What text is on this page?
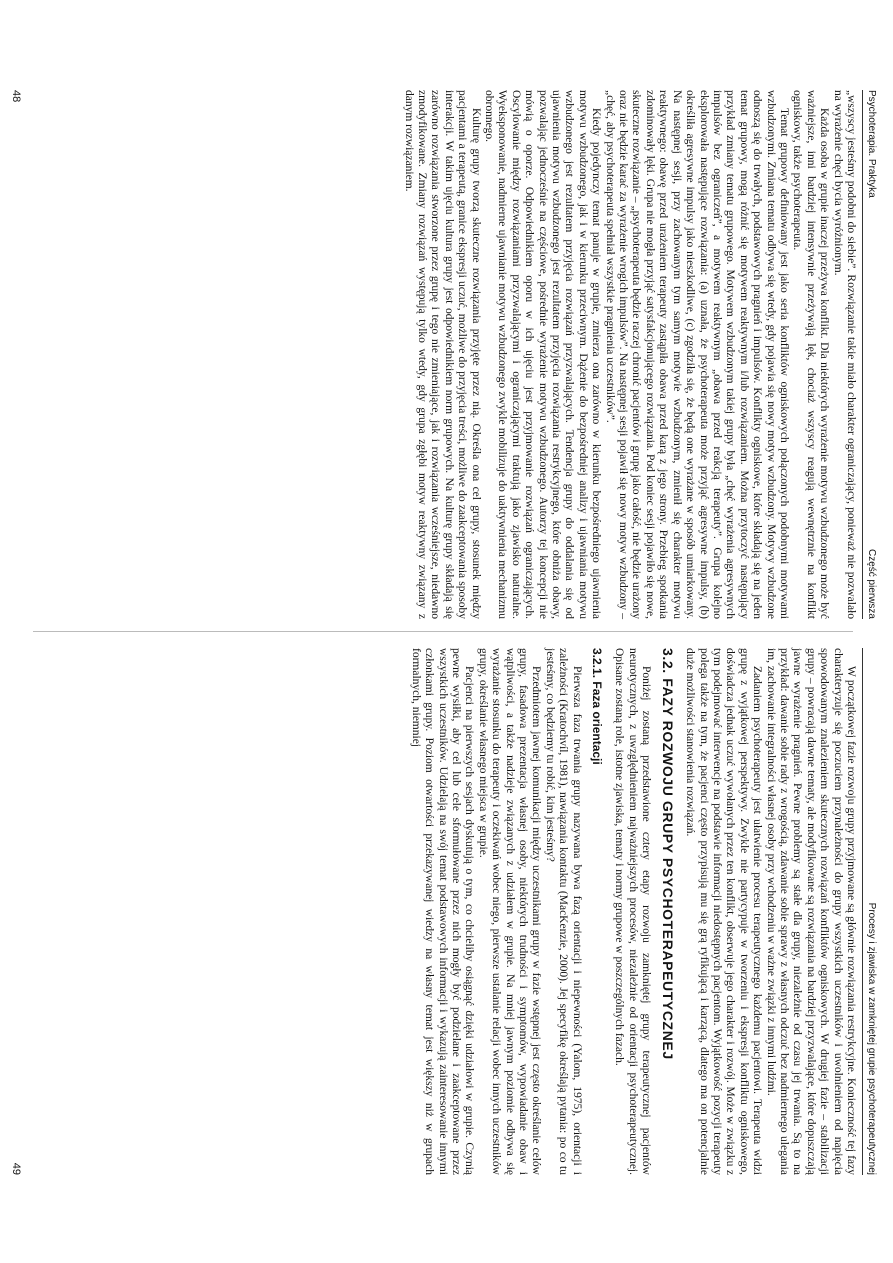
Psychoterapia. Praktyka
Część pierwsza

„wszyscy jesteśmy podobni do siebie”. Rozwiązanie takie miało charakter ograniczający, ponieważ nie pozwalało na wyrażenie chęci bycia wyróżnionym.

Każda osoba w grupie inaczej przeżywa konflikt. Dla niektórych wyrażenie motywu wzbudzonego może być ważniejsze, inni bardziej intensywnie przeżywają lęk, chociaż wszyscy reagują wewnętrznie na konflikt ogniskowy, także psychoterapeuta.

Temat grupowy definiowany jest jako seria konfliktów ogniskowych połączonych podobnymi motywami wzbudzonymi. Zmiana tematu odbywa się wtedy, gdy pojawia się nowy motyw wzbudzony. Motywy wzbudzone odnoszą się do trwałych, podstawowych pragnień i impulsów. Konflikty ogniskowe, które składają się na jeden temat grupowy, mogą różnić się motywem reaktywnym i/lub rozwiązaniem. Można przytoczyć następujący przykład zmiany tematu grupowego. Motywem wzbudzonym takiej grupy była „chęć wyrażenia agresywnych impulsów bez ograniczeń”, a motywem reaktywnym „obawa przed reakcją terapeuty”. Grupa kolejno eksplorowała następujące rozwiązania: (a) uznała, że psychoterapeuta może przyjąć agresywne impulsy, (b) określiła agresywne impulsy jako nieszkodliwe, (c) zgodziła się, że będą one wyrażane w sposób umiarkowany. Na następnej sesji, przy zachowanym tym samym motywie wzbudzonym, zmienił się charakter motywu reaktywnego: obawę przed urażeniem terapeuty zastąpiła obawa przed karą z jego strony. Przebieg spotkania zdominowały lęki. Grupa nie mogła przyjąć satysfakcjonującego rozwiązania. Pod koniec sesji pojawiło się nowe, skuteczne rozwiązanie – „psychoterapeuta będzie raczej chronić pacjentów i grupę jako całość, nie będzie urażony oraz nie będzie karać za wyrażenie wrogich impulsów”. Na następnej sesji pojawił się nowy motyw wzbudzony – „chęć, aby psychoterapeuta spełniał wszystkie pragnienia uczestników”.

Kiedy pojedynczy temat panuje w grupie, zmierza ona zarówno w kierunku bezpośredniego ujawnienia motywu wzbudzonego, jak i w kierunku przeciwnym. Dążenie do bezpośredniej analizy i ujawniania motywu wzbudzonego jest rezultatem przyjęcia rozwiązań przyzwalających. Tendencja grupy do oddalania się od ujawnienia motywu wzbudzonego jest rezultatem przyjęcia rozwiązania restrykcyjnego, które obniża obawy, pozwalając jednocześnie na częściowe, pośrednie wyrażenie motywu wzbudzonego. Autorzy tej koncepcji nie mówią o oporze. Odpowiednikiem oporu w ich ujęciu jest przyjmowanie rozwiązań ograniczających. Oscylowanie między rozwiązaniami przyzwalającymi i ograniczającymi traktują jako zjawisko naturalne. Wyeksponowanie, nadmierne ujawnianie motywu wzbudzonego zwykle mobilizuje do uaktywnienia mechanizmu obronnego.

Kulturę grupy tworzą skuteczne rozwiązania przyjęte przez nią. Określa ona cel grupy, stosunek między pacjentami a terapeutą, granice ekspresji uczuć, możliwe do przyjęcia treści, możliwe do zaakceptowania sposoby interakcji. W takim ujęciu kultura grupy jest odpowiednikiem norm grupowych. Na kulturę grupy składają się zarówno rozwiązania stworzone przez grupę i tego nie zmieniające, jak i rozwiązania wcześniejsze, niedawno zmodyfikowane. Zmiany rozwiązań występują tylko wtedy, gdy grupa zgłębi motyw reaktywny związany z danym rozwiązaniem.

48
Procesy i zjawiska w zamkniętej grupie psychoterapeutycznej

W początkowej fazie rozwoju grupy przyjmowane są głównie rozwiązania restrykcyjne. Konieczność tej fazy charakteryzuje się poczuciem przynależności do grupy wszystkich uczestników i uwolnieniem od napięcia spowodowanym znalezieniem skutecznych rozwiązań konfliktów ogniskowych. W drugiej fazie – stabilizacji grupy – powracają dawne tematy, ale modyfikowane są rozwiązania na bardziej przyzwalające, które dopuszczają jawne wyrażenie pragnień. Pewne problemy są stałe dla grupy, niezależnie od czasu jej trwania. Są to na przykład: dawanie sobie rady z wrogością, zdawanie sobie sprawy z własnych odczuć bez nadmiernego ulegania im, zachowanie integralności własnej osoby przy wchodzeniu w ważne związki z innymi ludźmi.

Zadaniem psychoterapeuty jest ułatwienie procesu terapeutycznego każdemu pacjentowi. Terapeuta widzi grupę z wyjątkowej perspektywy. Zwykle nie partycypuje w tworzeniu i ekspresji konfliktu ogniskowego, doświadcza jednak uczuć wywołanych przez ten konflikt, obserwuje jego charakter i rozwój. Może w związku z tym podejmować interwencje na podstawie informacji niedostępnych pacjentom. Wyjątkowość pozycji terapeuty polega także na tym, że pacjenci często przypisują mu się grą ryfikującą i karzącą, dlatego ma on potencjalnie duże możliwości stanowienia rozwiązań.

3.2. FAZY ROZWOJU GRUPY PSYCHOTERAPEUTYCZNEJ

Poniżej zostaną przedstawione cztery etapy rozwoju zamkniętej grupy terapeutycznej pacjentów neurotycznych, z uwzględnieniem najważniejszych procesów, niezależnie od orientacji psychoterapeutycznej. Opisane zostaną role, istotne zjawiska, tematy i normy grupowe w poszczególnych fazach.

3.2.1. Faza orientacji

Pierwsza faza trwania grupy nazywana bywa fazą orientacji i niepewności (Yalom, 1975), orientacji i zależności (Kratochvíl, 1981), nawiązania kontaktu (MacKenzie, 2000). Jej specyfikę określają pytania: po co tu jesteśmy, co będziemy tu robić, kim jesteśmy?

Przedmiotem jawnej komunikacji między uczestnikami grupy w fazie wstępnej jest często określanie celów grupy, fasadowa prezentacja własnej osoby, niektórych trudności i symptomów, wypowiadanie obaw i wątpliwości, a także nadzieje związanych z udziałem w grupie. Na mniej jawnym poziomie odbywa się wyrażanie stosunku do terapeuty i oczekiwań wobec niego, pierwsze ustalanie relacji wobec innych uczestników grupy, określanie własnego miejsca w grupie.

Pacjenci na pierwszych sesjach dyskutują o tym, co chcieliby osiągnąć dzięki udziałowi w grupie. Czynią pewne wysiłki, aby cel lub cele sformułowane przez nich mogły być podzielane i zaakceptowane przez wszystkich uczestników. Udzielają na swój temat podstawowych informacji i wykazują zainteresowanie innymi członkami grupy. Poziom otwartości przekazywanej wiedzy na własny temat jest większy niż w grupach formalnych, niemniej

49
